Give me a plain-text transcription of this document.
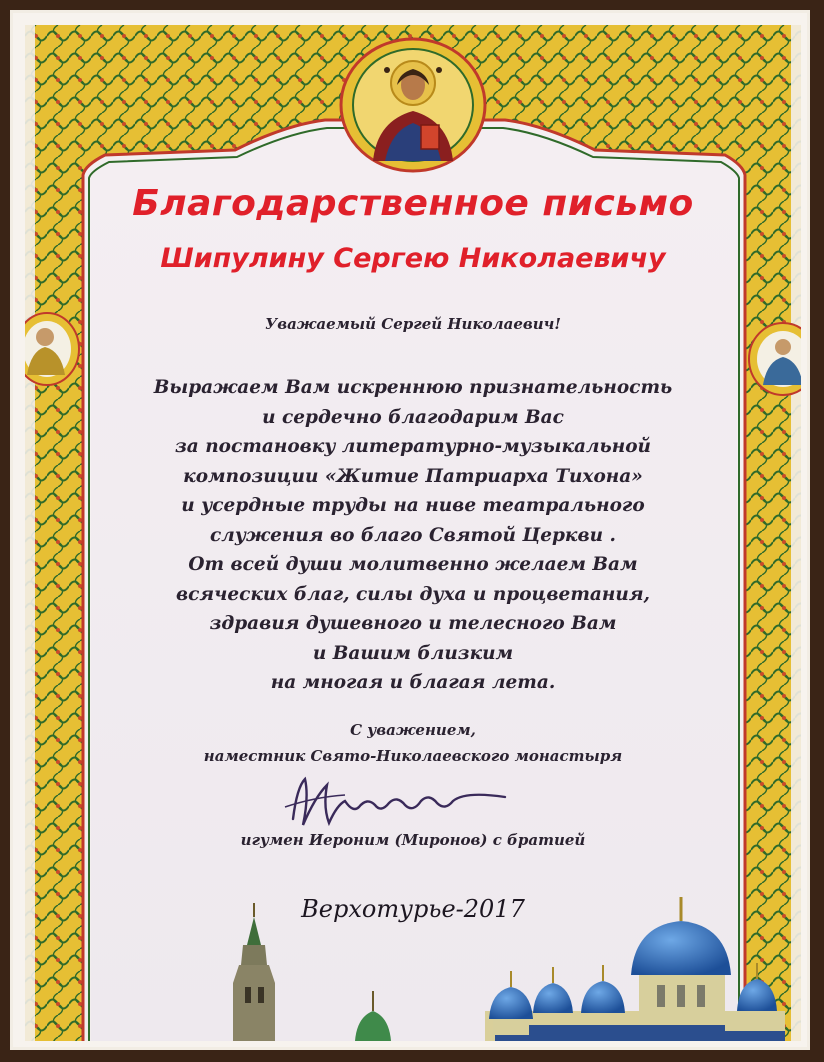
Благодарственное письмо
Шипулину Сергею Николаевичу
Уважаемый Сергей Николаевич!
Выражаем Вам искреннюю признательность
и сердечно благодарим Вас
за постановку литературно-музыкальной
композиции «Житие Патриарха Тихона»
и усердные труды на ниве театрального
служения во благо Святой Церкви .
От всей души молитвенно желаем Вам
всяческих благ, силы духа и процветания,
здравия душевного и телесного Вам
и Вашим близким
на многая и благая лета.
С уважением,
наместник Свято-Николаевского монастыря
игумен Иероним (Миронов) с братией
Верхотурье-2017
